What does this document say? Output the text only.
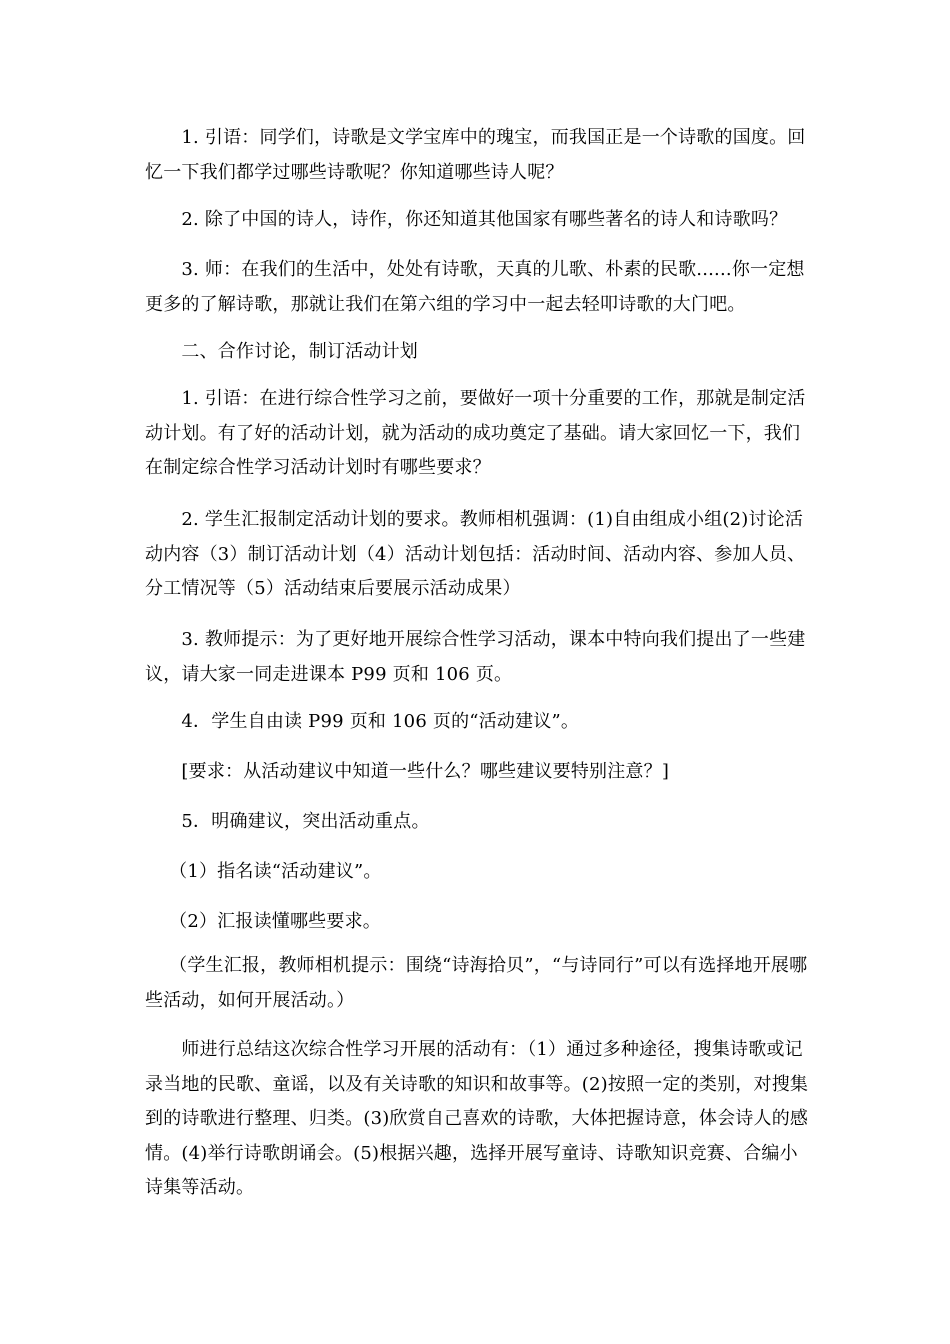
　　1. 引语：同学们，诗歌是文学宝库中的瑰宝，而我国正是一个诗歌的国度。回忆一下我们都学过哪些诗歌呢？你知道哪些诗人呢？

　　2. 除了中国的诗人，诗作，你还知道其他国家有哪些著名的诗人和诗歌吗？

　　3. 师：在我们的生活中，处处有诗歌，天真的儿歌、朴素的民歌......你一定想更多的了解诗歌，那就让我们在第六组的学习中一起去轻叩诗歌的大门吧。

　　二、合作讨论，制订活动计划

　　1. 引语：在进行综合性学习之前，要做好一项十分重要的工作，那就是制定活动计划。有了好的活动计划，就为活动的成功奠定了基础。请大家回忆一下，我们在制定综合性学习活动计划时有哪些要求？

　　2. 学生汇报制定活动计划的要求。教师相机强调：(1)自由组成小组(2)讨论活动内容（3）制订活动计划（4）活动计划包括：活动时间、活动内容、参加人员、分工情况等（5）活动结束后要展示活动成果）

　　3. 教师提示：为了更好地开展综合性学习活动，课本中特向我们提出了一些建议，请大家一同走进课本 P99 页和 106 页。

　　4．学生自由读 P99 页和 106 页的“活动建议”。

　　[要求：从活动建议中知道一些什么？哪些建议要特别注意？]

　　5．明确建议，突出活动重点。

　 （1）指名读“活动建议”。

　 （2）汇报读懂哪些要求。

　 （学生汇报，教师相机提示：围绕“诗海拾贝”，“与诗同行”可以有选择地开展哪些活动，如何开展活动。）

　　师进行总结这次综合性学习开展的活动有：（1）通过多种途径，搜集诗歌或记录当地的民歌、童谣，以及有关诗歌的知识和故事等。(2)按照一定的类别，对搜集到的诗歌进行整理、归类。(3)欣赏自己喜欢的诗歌，大体把握诗意，体会诗人的感情。(4)举行诗歌朗诵会。(5)根据兴趣，选择开展写童诗、诗歌知识竞赛、合编小诗集等活动。
